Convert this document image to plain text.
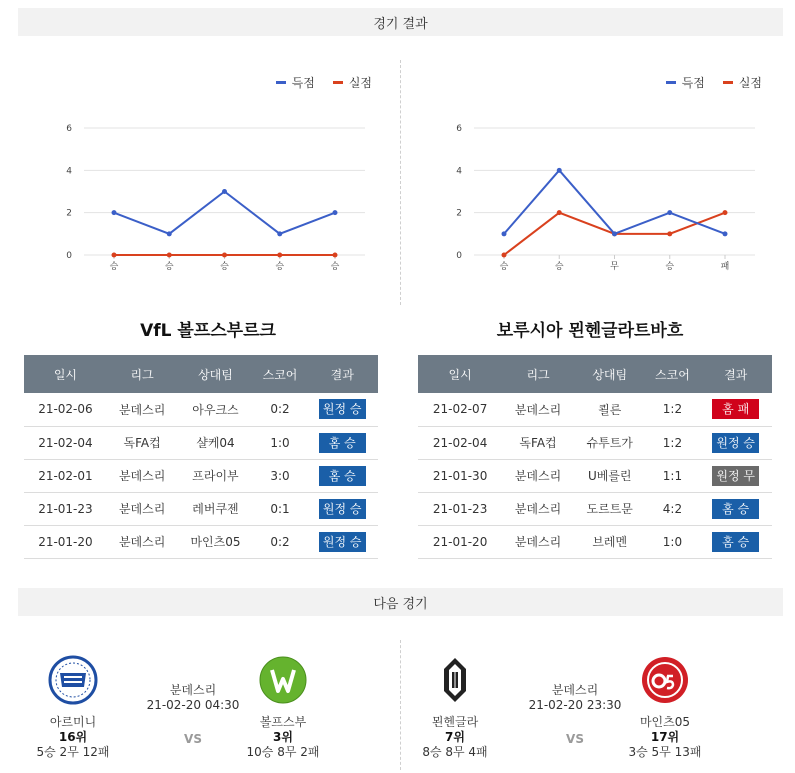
경기 결과
0
2
4
6
승	승	승	승	승
득점	실점
0
2
4
6
승	승	무	승	패
득점	실점
VfL 볼프스부르크	보루시아 묀헨글라트바흐
일시	리그	상대팀	스코어	결과
21-02-06	분데스리	아우크스	0:2	원정 승
21-02-04	독FA컵	샬케04	1:0	홈 승
21-02-01	분데스리	프라이부	3:0	홈 승
21-01-23	분데스리	레버쿠젠	0:1	원정 승
21-01-20	분데스리	마인츠05	0:2	원정 승
일시	리그	상대팀	스코어	결과
21-02-07	분데스리	쾰른	1:2	홈 패
21-02-04	독FA컵	슈투트가	1:2	원정 승
21-01-30	분데스리	U베를린	1:1	원정 무
21-01-23	분데스리	도르트문	4:2	홈 승
21-01-20	분데스리	브레멘	1:0	홈 승
다음 경기
아르미니
16위
5승 2무 12패
분데스리
21-02-20 04:30
VS
볼프스부
3위
10승 8무 2패
묀헨글라
7위
8승 8무 4패
분데스리
21-02-20 23:30
VS
마인츠05
17위
3승 5무 13패
